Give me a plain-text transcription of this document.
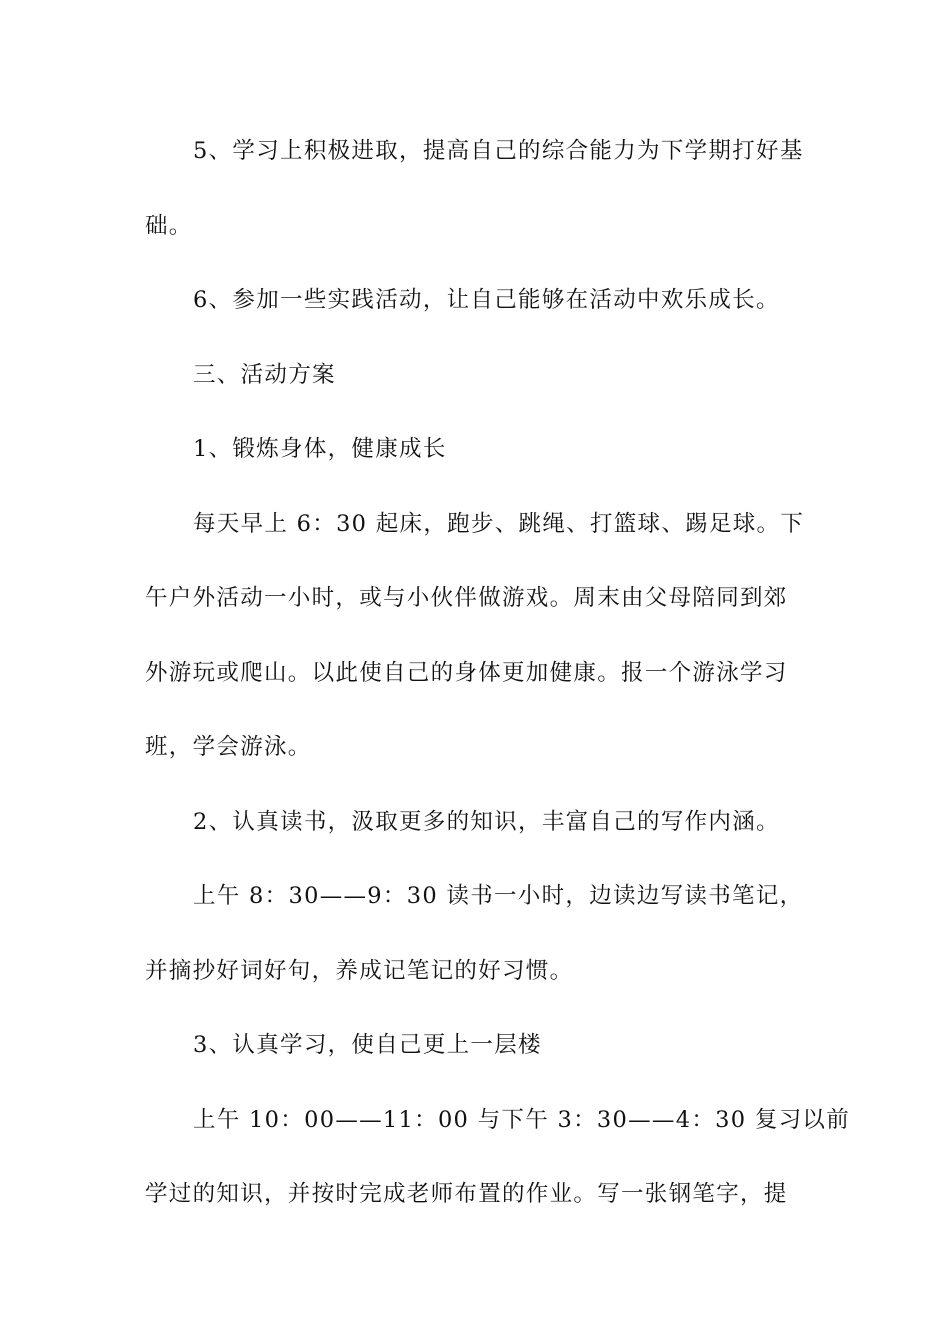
5、学习上积极进取，提高自己的综合能力为下学期打好基
础。
6、参加一些实践活动，让自己能够在活动中欢乐成长。
三、活动方案
1、锻炼身体，健康成长
每天早上 6：30 起床，跑步、跳绳、打篮球、踢足球。下
午户外活动一小时，或与小伙伴做游戏。周末由父母陪同到郊
外游玩或爬山。以此使自己的身体更加健康。报一个游泳学习
班，学会游泳。
2、认真读书，汲取更多的知识，丰富自己的写作内涵。
上午 8：30——9：30 读书一小时，边读边写读书笔记，
并摘抄好词好句，养成记笔记的好习惯。
3、认真学习，使自己更上一层楼
上午 10：00——11：00 与下午 3：30——4：30 复习以前
学过的知识，并按时完成老师布置的作业。写一张钢笔字，提
